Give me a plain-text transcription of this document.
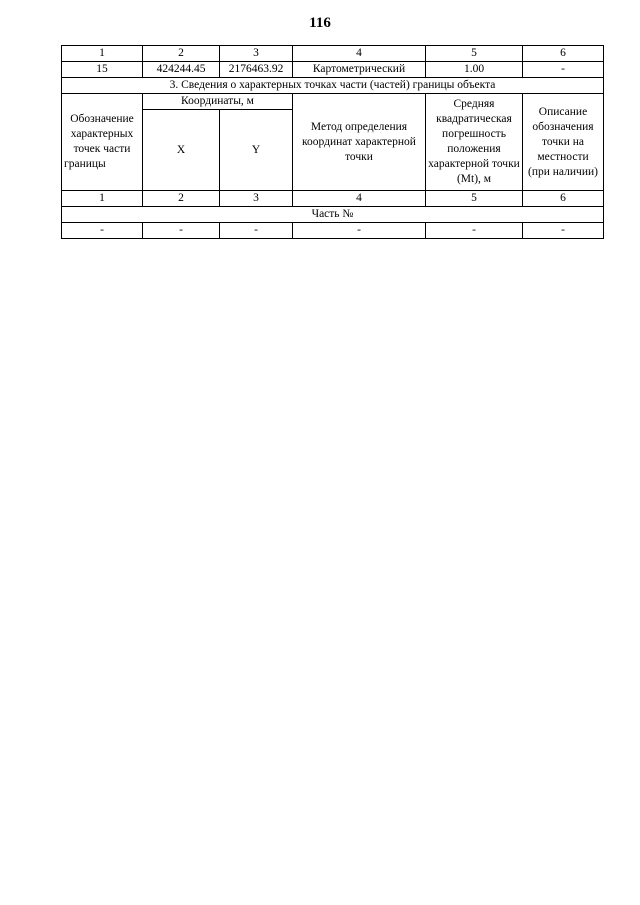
116
1	2	3	4	5	6
15	424244.45	2176463.92	Картометрический	1.00	-
3. Сведения о характерных точках части (частей) границы объекта					
Обозначение характерных точек части границы	Координаты, м		Метод определения координат характерной точки	Средняя квадратическая погрешность положения характерной точки (Mt), м	Описание обозначения точки на местности (при наличии)
	X	Y			
1	2	3	4	5	6
Часть №					
-	-	-	-	-	-
